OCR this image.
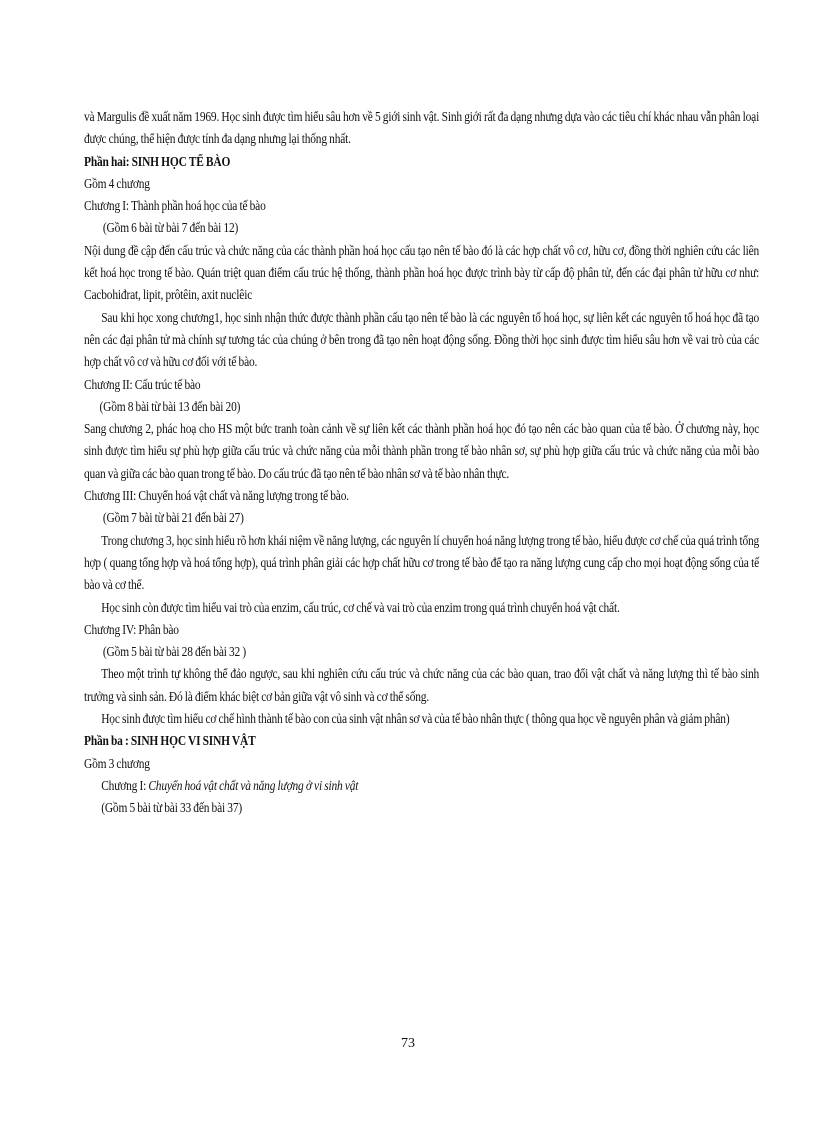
và Margulis đề xuất năm 1969. Học sinh được tìm hiểu sâu hơn về 5 giới sinh vật. Sinh giới rất đa dạng nhưng dựa vào các tiêu chí khác nhau vẫn phân loại được chúng, thể hiện được tính đa dạng nhưng lại thống nhất.

Phần hai: SINH HỌC TẾ BÀO

Gồm 4 chương

Chương I: Thành phần hoá học của tế bào

(Gồm 6 bài từ bài 7 đến bài 12)

Nội dung đề cập đến cấu trúc và chức năng của các thành phần hoá học cấu tạo nên tế bào đó là các hợp chất vô cơ, hữu cơ, đồng thời nghiên cứu các liên kết hoá học trong tế bào. Quán triệt quan điểm cấu trúc hệ thống, thành phần hoá học được trình bày từ cấp độ phân tử, đến các đại phân tử hữu cơ như: Cacbohiđrat, lipit, prôtêin, axit nuclêic

Sau khi học xong chương1, học sinh nhận thức được thành phần cấu tạo nên tế bào là các nguyên tố hoá học, sự liên kết các nguyên tố hoá học đã tạo nên các đại phân tử mà chính sự tương tác của chúng ở bên trong đã tạo nên hoạt động sống. Đồng thời học sinh được tìm hiểu sâu hơn về vai trò của các hợp chất vô cơ và hữu cơ đối với tế bào.

Chương II: Cấu trúc tế bào

(Gồm 8 bài từ bài 13 đến bài 20)

Sang chương 2, phác hoạ cho HS một bức tranh toàn cảnh về sự liên kết các thành phần hoá học đó tạo nên các bào quan của tế bào. Ở chương này, học sinh được tìm hiểu sự phù hợp giữa cấu trúc và chức năng của mỗi thành phần trong tế bào nhân sơ, sự phù hợp giữa cấu trúc và chức năng của mỗi bào quan và giữa các bào quan trong tế bào. Do cấu trúc đã tạo nên tế bào nhân sơ và tế bào nhân thực.

Chương III: Chuyển hoá vật chất và năng lượng trong tế bào.

(Gồm 7 bài từ bài 21 đến bài 27)

Trong chương 3, học sinh hiểu rõ hơn khái niệm về năng lượng, các nguyên lí chuyển hoá năng lượng trong tế bào, hiểu được cơ chế của quá trình tổng hợp ( quang tổng hợp và hoá tổng hợp), quá trình phân giải các hợp chất hữu cơ trong tế bào để tạo ra năng lượng cung cấp cho mọi hoạt động sống của tế bào và cơ thể.

Học sinh còn được tìm hiểu vai trò của enzim, cấu trúc, cơ chế và vai trò của enzim trong quá trình chuyển hoá vật chất.

Chương IV: Phân bào

(Gồm 5 bài từ bài 28 đến bài 32 )

Theo một trình tự không thể đảo ngược, sau khi nghiên cứu cấu trúc và chức năng của các bào quan, trao đổi vật chất và năng lượng thì tế bào sinh trưởng và sinh sản. Đó là điểm khác biệt cơ bản giữa vật vô sinh và cơ thể sống.

Học sinh được tìm hiểu cơ chế hình thành tế bào con của sinh vật nhân sơ và của tế bào nhân thực ( thông qua học về nguyên phân và giảm phân)

Phần ba : SINH HỌC VI SINH VẬT

Gồm 3 chương

Chương I: Chuyển hoá vật chất và năng lượng ở vi sinh vật

(Gồm 5 bài từ bài 33 đến bài 37)

73
